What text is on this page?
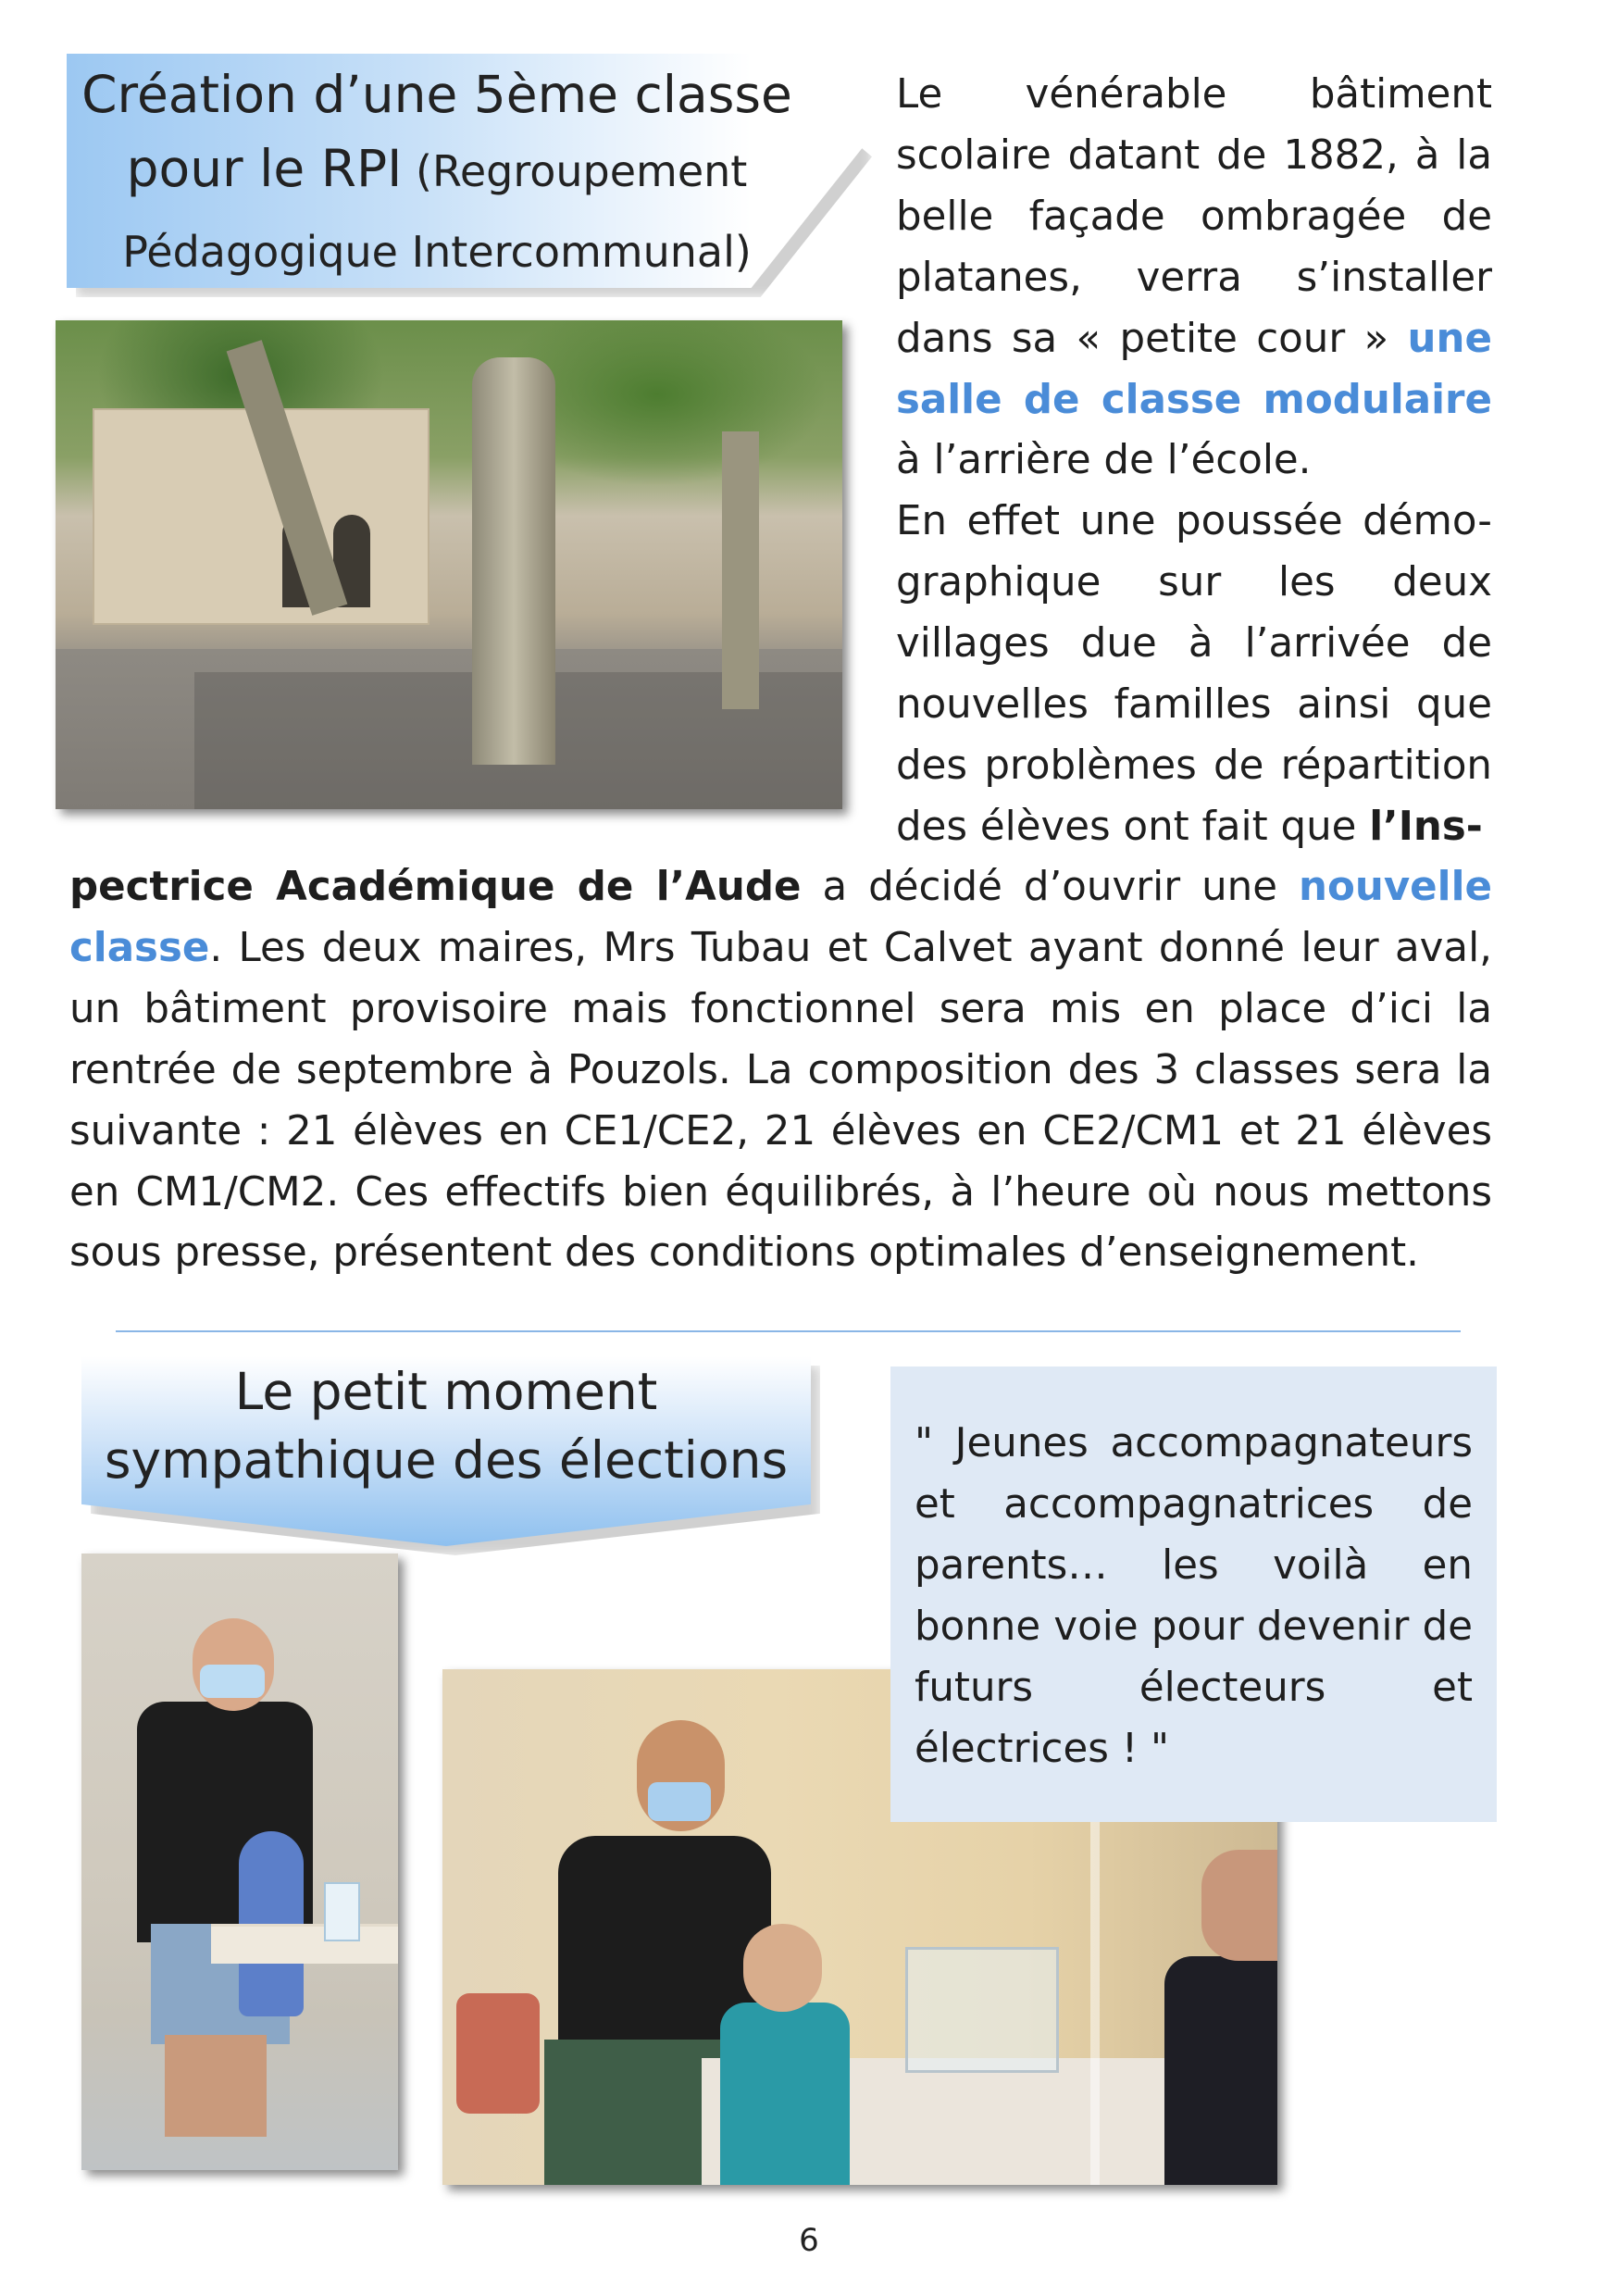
Création d’une 5ème classe
pour le RPI (Regroupement
Pédagogique Intercommunal)

Le vénérable bâtiment scolaire datant de 1882, à la belle façade ombragée de platanes, verra s’installer dans sa « petite cour » une salle de classe modulaire à l’arrière de l’école.

En effet une poussée démo-graphique sur les deux villages due à l’arrivée de nouvelles familles ainsi que des problèmes de répartition des élèves ont fait que l’Ins-

pectrice Académique de l’Aude a décidé d’ouvrir une nouvelle classe. Les deux maires, Mrs Tubau et Calvet ayant donné leur aval, un bâtiment provisoire mais fonctionnel sera mis en place d’ici la rentrée de septembre à Pouzols. La composition des 3 classes sera la suivante : 21 élèves en CE1/CE2, 21 élèves en CE2/CM1 et 21 élèves en CM1/CM2. Ces effectifs bien équilibrés, à l’heure où nous mettons sous presse, présentent des conditions optimales d’enseignement.
Le petit moment
sympathique des élections	" Jeunes accompagnateurs et accompagnatrices de parents… les voilà en bonne voie pour devenir de futurs électeurs et électrices ! "

6
